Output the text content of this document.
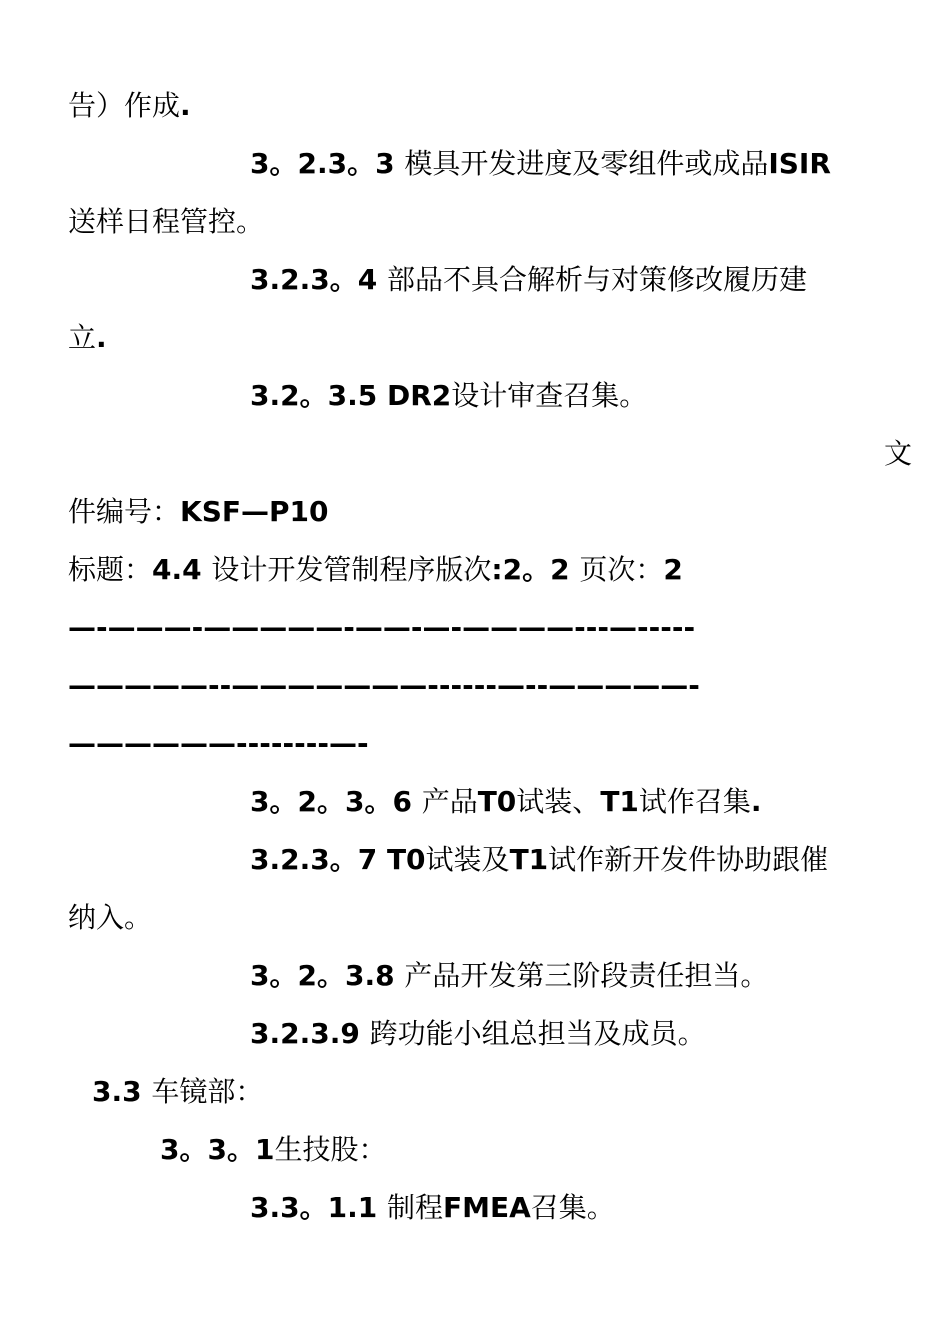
告）作成.
3。2.3。3 模具开发进度及零组件或成品ISIR
送样日程管控。
3.2.3。4 部品不具合解析与对策修改履历建
立.
3.2。3.5 DR2设计审查召集。
文
件编号：KSF—P10
标题：4.4 设计开发管制程序版次:2。2 页次：2
—-———-—————-——-—-————---—-----
—————--———————------—--—————-
——————--------—-
3。2。3。6 产品T0试装、T1试作召集.
3.2.3。7 T0试装及T1试作新开发件协助跟催
纳入。
3。2。3.8 产品开发第三阶段责任担当。
3.2.3.9 跨功能小组总担当及成员。
3.3 车镜部：
3。3。1生技股：
3.3。1.1 制程FMEA召集。
